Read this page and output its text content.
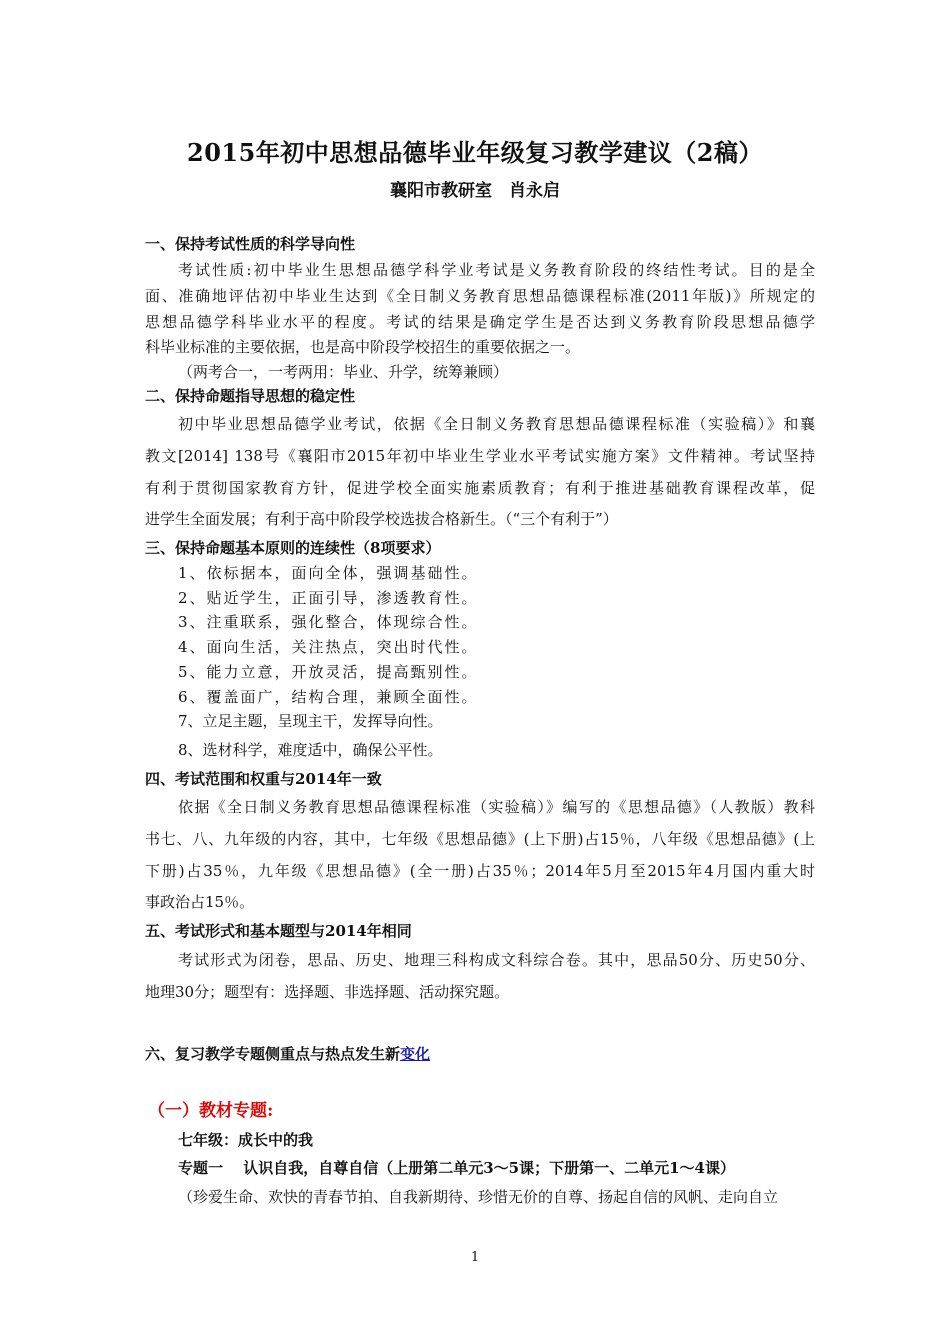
2015年初中思想品德毕业年级复习教学建议（2稿）
襄阳市教研室　肖永启
一、保持考试性质的科学导向性
考试性质:初中毕业生思想品德学科学业考试是义务教育阶段的终结性考试。目的是全
面、准确地评估初中毕业生达到《全日制义务教育思想品德课程标准(2011年版)》所规定的
思想品德学科毕业水平的程度。考试的结果是确定学生是否达到义务教育阶段思想品德学
科毕业标准的主要依据，也是高中阶段学校招生的重要依据之一。
（两考合一，一考两用：毕业、升学，统筹兼顾）
二、保持命题指导思想的稳定性
初中毕业思想品德学业考试，依据《全日制义务教育思想品德课程标准（实验稿）》和襄
教文[2014] 138号《襄阳市2015年初中毕业生学业水平考试实施方案》文件精神。考试坚持
有利于贯彻国家教育方针，促进学校全面实施素质教育；有利于推进基础教育课程改革，促
进学生全面发展；有利于高中阶段学校选拔合格新生。（“三个有利于”）
三、保持命题基本原则的连续性（8项要求）
1、依标据本，面向全体，强调基础性。
2、贴近学生，正面引导，渗透教育性。
3、注重联系，强化整合，体现综合性。
4、面向生活，关注热点，突出时代性。
5、能力立意，开放灵活，提高甄别性。
6、覆盖面广，结构合理，兼顾全面性。
7、立足主题，呈现主干，发挥导向性。
8、选材科学，难度适中，确保公平性。
四、考试范围和权重与2014年一致
依据《全日制义务教育思想品德课程标准（实验稿）》编写的《思想品德》（人教版）教科
书七、八、九年级的内容，其中，七年级《思想品德》(上下册)占15％，八年级《思想品德》(上
下册)占35％，九年级《思想品德》(全一册)占35％；2014年5月至2015年4月国内重大时
事政治占15％。
五、考试形式和基本题型与2014年相同
考试形式为闭卷，思品、历史、地理三科构成文科综合卷。其中，思品50分、历史50分、
地理30分；题型有：选择题、非选择题、活动探究题。
六、复习教学专题侧重点与热点发生新变化
（一）教材专题:
七年级：成长中的我
专题一　 认识自我，自尊自信（上册第二单元3～5课；下册第一、二单元1～4课）
（珍爱生命、欢快的青春节拍、自我新期待、珍惜无价的自尊、扬起自信的风帆、走向自立
1
